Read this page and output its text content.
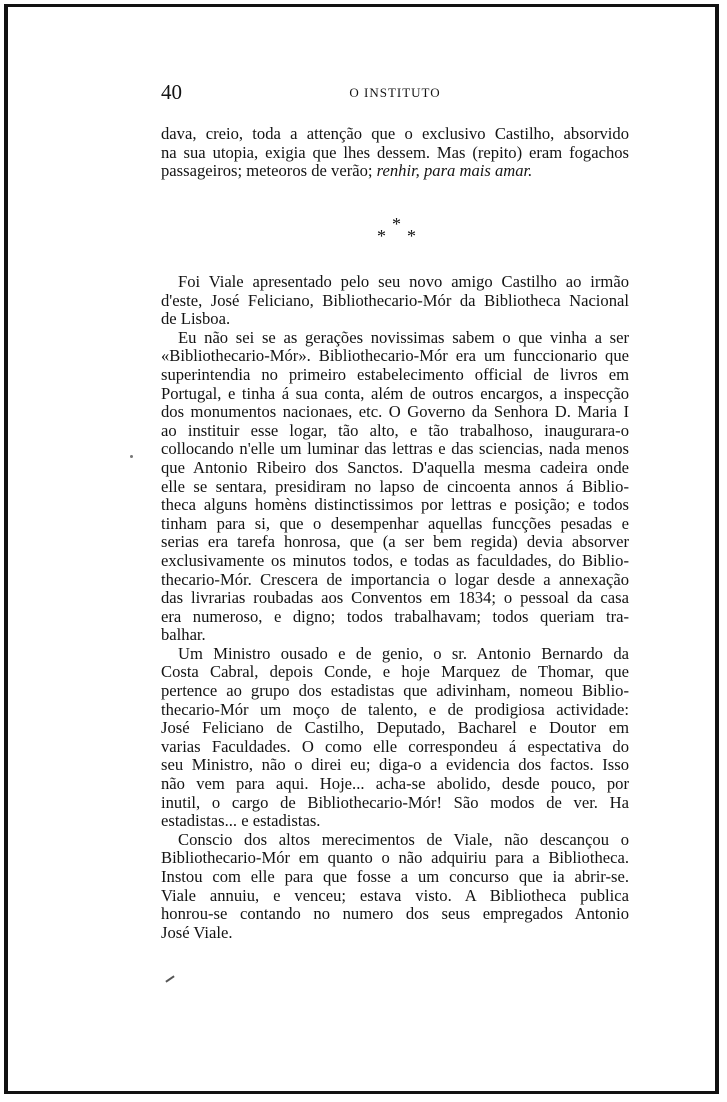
40	O INSTITUTO
dava, creio, toda a attenção que o exclusivo Castilho, absorvido
na sua utopia, exigia que lhes dessem. Mas (repito) eram fogachos
passageiros; meteoros de verão; renhir, para mais amar.
*
* *
Foi Viale apresentado pelo seu novo amigo Castilho ao irmão
d'este, José Feliciano, Bibliothecario-Mór da Bibliotheca Nacional
de Lisboa.
Eu não sei se as gerações novissimas sabem o que vinha a ser
«Bibliothecario-Mór». Bibliothecario-Mór era um funccionario que
superintendia no primeiro estabelecimento official de livros em
Portugal, e tinha á sua conta, além de outros encargos, a inspecção
dos monumentos nacionaes, etc. O Governo da Senhora D. Maria I
ao instituir esse logar, tão alto, e tão trabalhoso, inaugurara-o
collocando n'elle um luminar das lettras e das sciencias, nada menos
que Antonio Ribeiro dos Sanctos. D'aquella mesma cadeira onde
elle se sentara, presidiram no lapso de cincoenta annos á Biblio-
theca alguns homèns distinctissimos por lettras e posição; e todos
tinham para si, que o desempenhar aquellas funcções pesadas e
serias era tarefa honrosa, que (a ser bem regida) devia absorver
exclusivamente os minutos todos, e todas as faculdades, do Biblio-
thecario-Mór. Crescera de importancia o logar desde a annexação
das livrarias roubadas aos Conventos em 1834; o pessoal da casa
era numeroso, e digno; todos trabalhavam; todos queriam tra-
balhar.
Um Ministro ousado e de genio, o sr. Antonio Bernardo da
Costa Cabral, depois Conde, e hoje Marquez de Thomar, que
pertence ao grupo dos estadistas que adivinham, nomeou Biblio-
thecario-Mór um moço de talento, e de prodigiosa actividade:
José Feliciano de Castilho, Deputado, Bacharel e Doutor em
varias Faculdades. O como elle correspondeu á espectativa do
seu Ministro, não o direi eu; diga-o a evidencia dos factos. Isso
não vem para aqui. Hoje... acha-se abolido, desde pouco, por
inutil, o cargo de Bibliothecario-Mór! São modos de ver. Ha
estadistas... e estadistas.
Conscio dos altos merecimentos de Viale, não descançou o
Bibliothecario-Mór em quanto o não adquiriu para a Bibliotheca.
Instou com elle para que fosse a um concurso que ia abrir-se.
Viale annuiu, e venceu; estava visto. A Bibliotheca publica
honrou-se contando no numero dos seus empregados Antonio
José Viale.
